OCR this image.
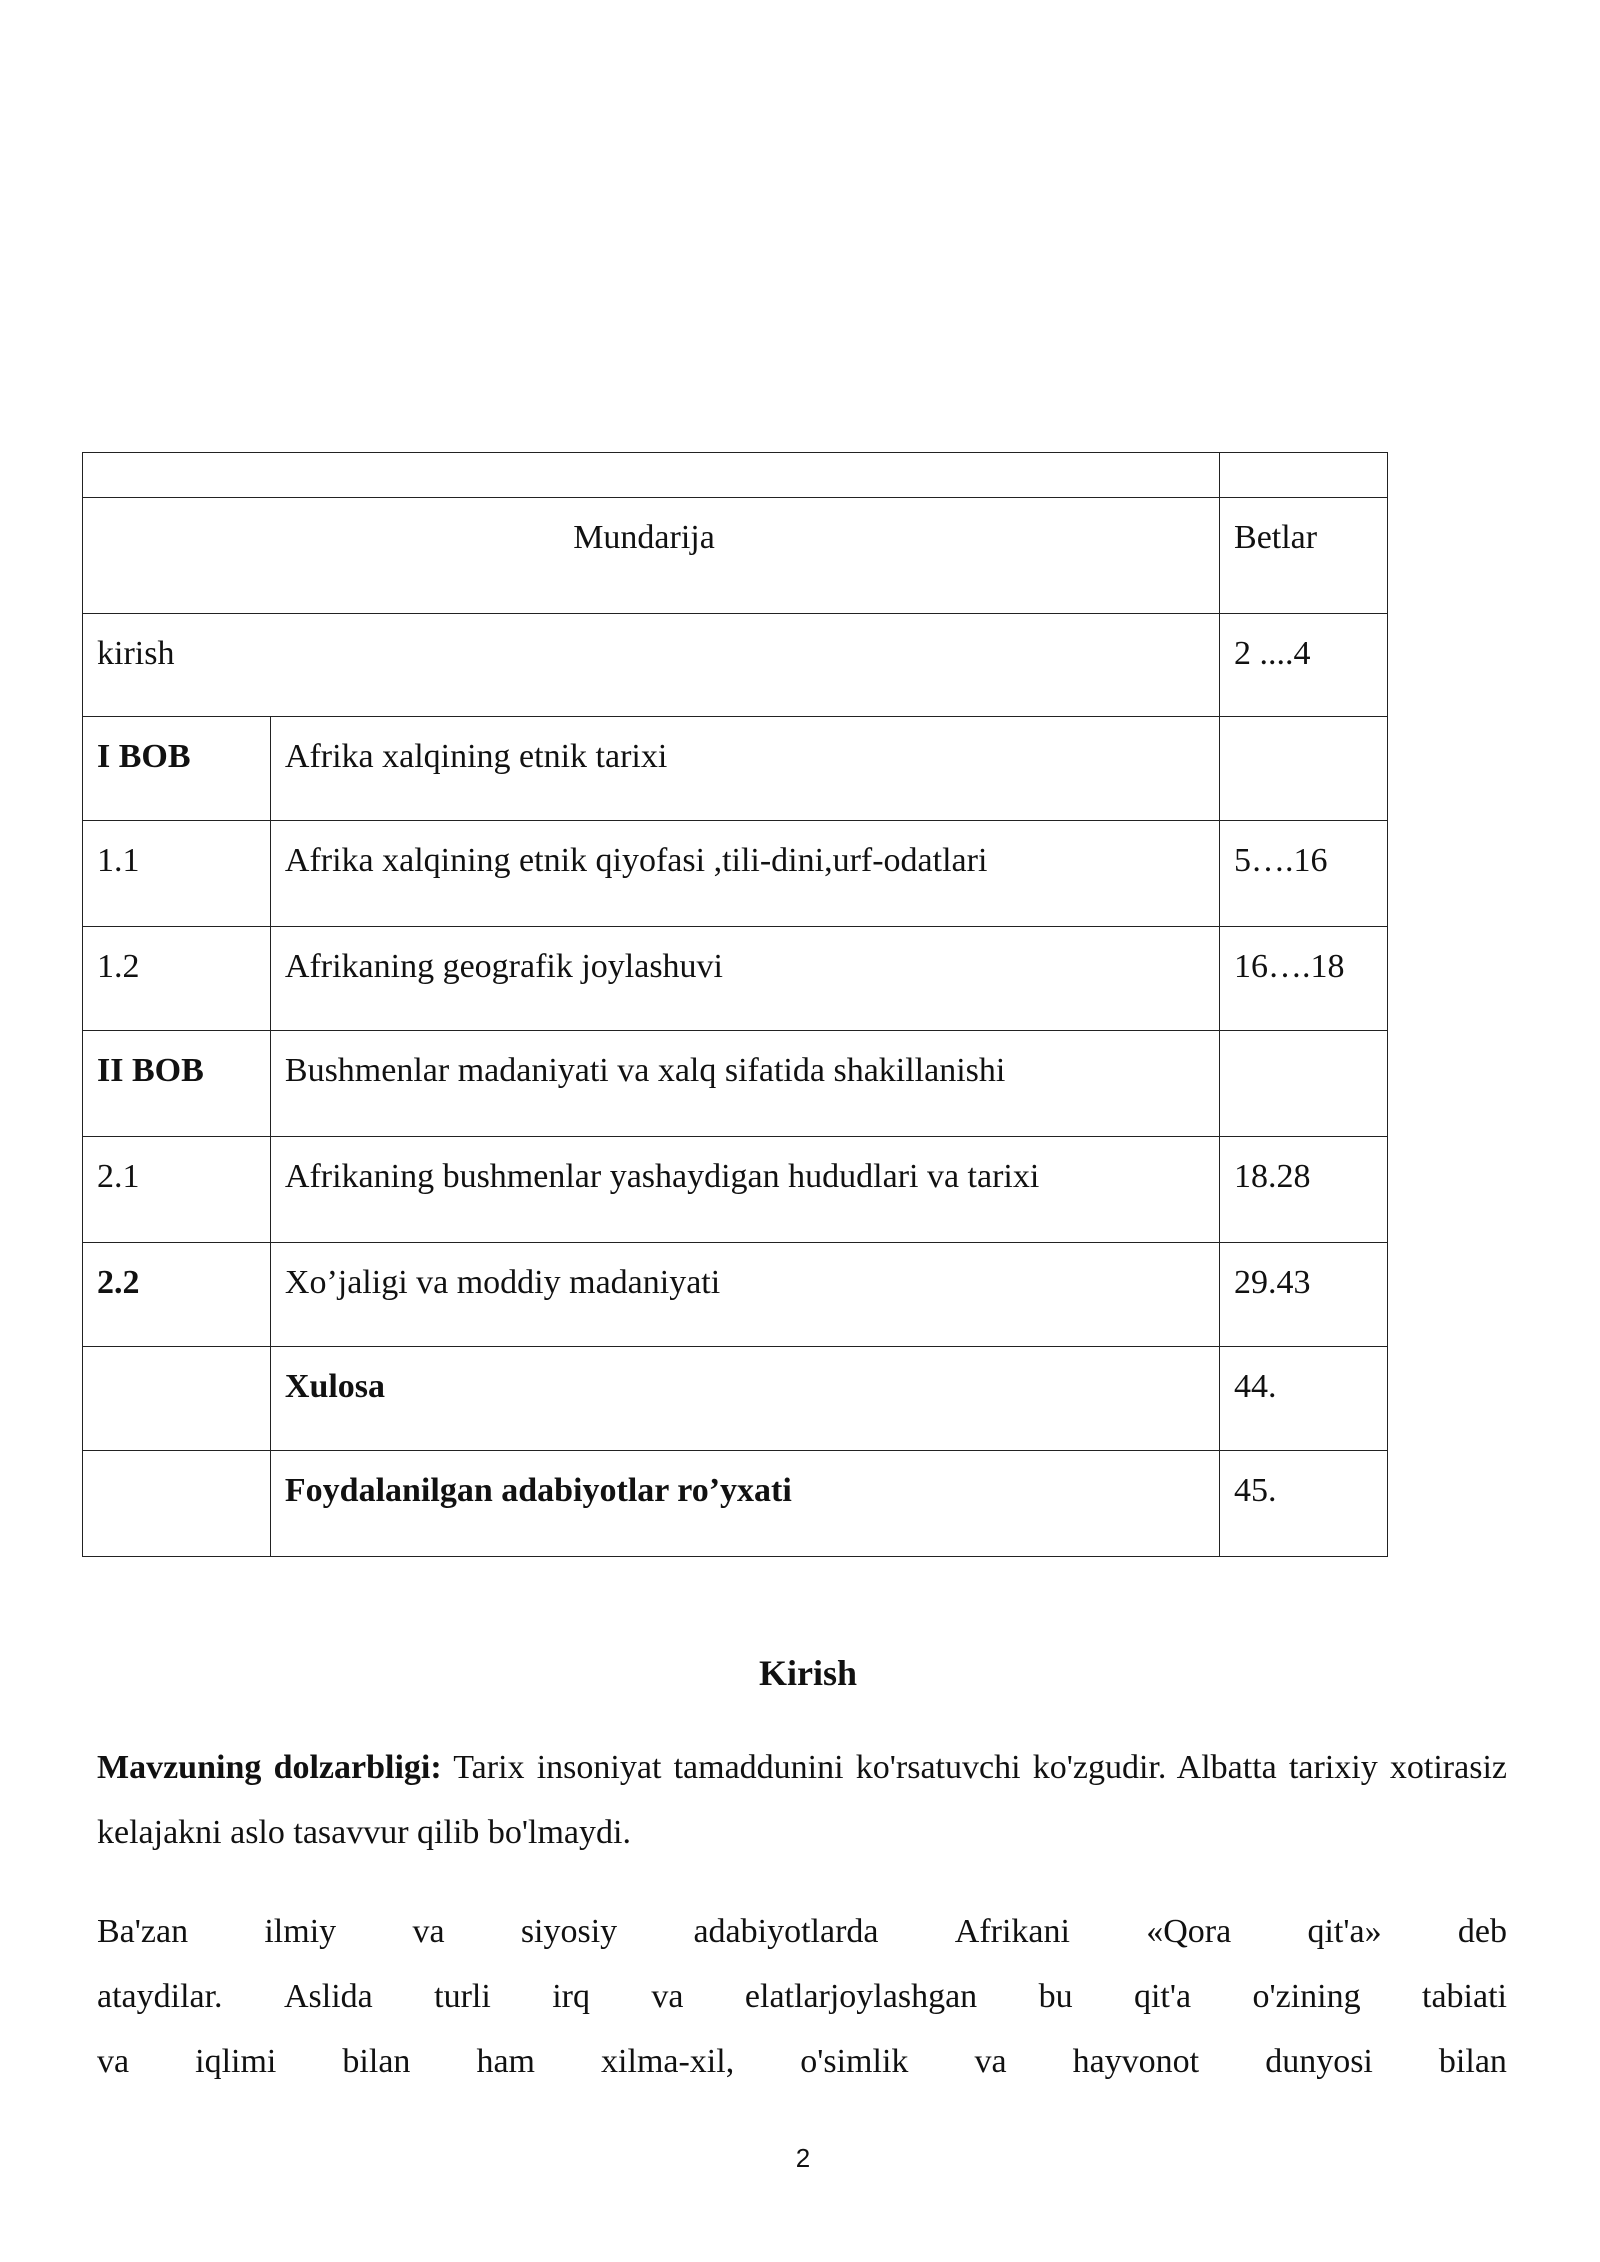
Mundarija		Betlar
kirish		2 ....4
I BOB	Afrika xalqining etnik tarixi	
1.1	Afrika xalqining etnik qiyofasi ,tili-dini,urf-odatlari	5….16
1.2	Afrikaning geografik joylashuvi	16….18
II BOB	Bushmenlar madaniyati va xalq sifatida shakillanishi	
2.1	Afrikaning bushmenlar yashaydigan hududlari va tarixi	18.28
2.2	Xo’jaligi va moddiy madaniyati	29.43
	Xulosa	44.
	Foydalanilgan adabiyotlar ro’yxati	45.
Kirish
Mavzuning dolzarbligi: Tarix insoniyat tamaddunini ko'rsatuvchi ko'zgudir. Albatta tarixiy xotirasiz kelajakni aslo tasavvur qilib bo'lmaydi.
Ba'zan ilmiy va siyosiy adabiyotlarda Afrikani «Qora qit'a» deb
ataydilar. Aslida turli irq va elatlarjoylashgan bu qit'a o'zining tabiati
va iqlimi bilan ham xilma-xil, o'simlik va hayvonot dunyosi bilan
2
